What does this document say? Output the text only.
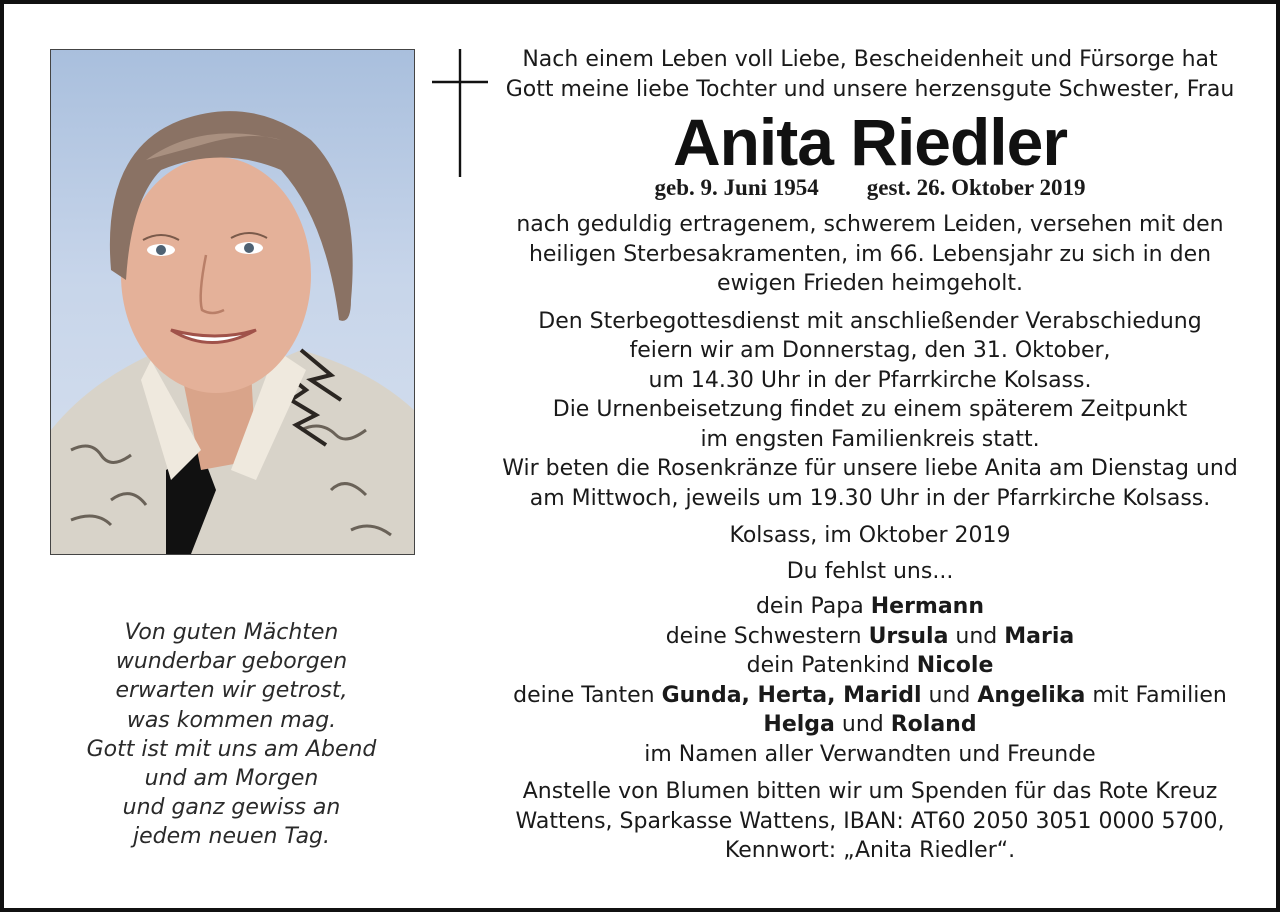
Von guten Mächten
wunderbar geborgen
erwarten wir getrost,
was kommen mag.
Gott ist mit uns am Abend
und am Morgen
und ganz gewiss an
jedem neuen Tag.
Nach einem Leben voll Liebe, Bescheidenheit und Fürsorge hat
Gott meine liebe Tochter und unsere herzensgute Schwester, Frau
Anita Riedler
geb. 9. Juni 1954 gest. 26. Oktober 2019
nach geduldig ertragenem, schwerem Leiden, versehen mit den
heiligen Sterbesakramenten, im 66. Lebensjahr zu sich in den
ewigen Frieden heimgeholt.
Den Sterbegottesdienst mit anschließender Verabschiedung
feiern wir am Donnerstag, den 31. Oktober,
um 14.30 Uhr in der Pfarrkirche Kolsass.
Die Urnenbeisetzung findet zu einem späterem Zeitpunkt
im engsten Familienkreis statt.
Wir beten die Rosenkränze für unsere liebe Anita am Dienstag und
am Mittwoch, jeweils um 19.30 Uhr in der Pfarrkirche Kolsass.
Kolsass, im Oktober 2019
Du fehlst uns...
dein Papa Hermann
deine Schwestern Ursula und Maria
dein Patenkind Nicole
deine Tanten Gunda, Herta, Maridl und Angelika mit Familien
Helga und Roland
im Namen aller Verwandten und Freunde
Anstelle von Blumen bitten wir um Spenden für das Rote Kreuz
Wattens, Sparkasse Wattens, IBAN: AT60 2050 3051 0000 5700,
Kennwort: „Anita Riedler“.
